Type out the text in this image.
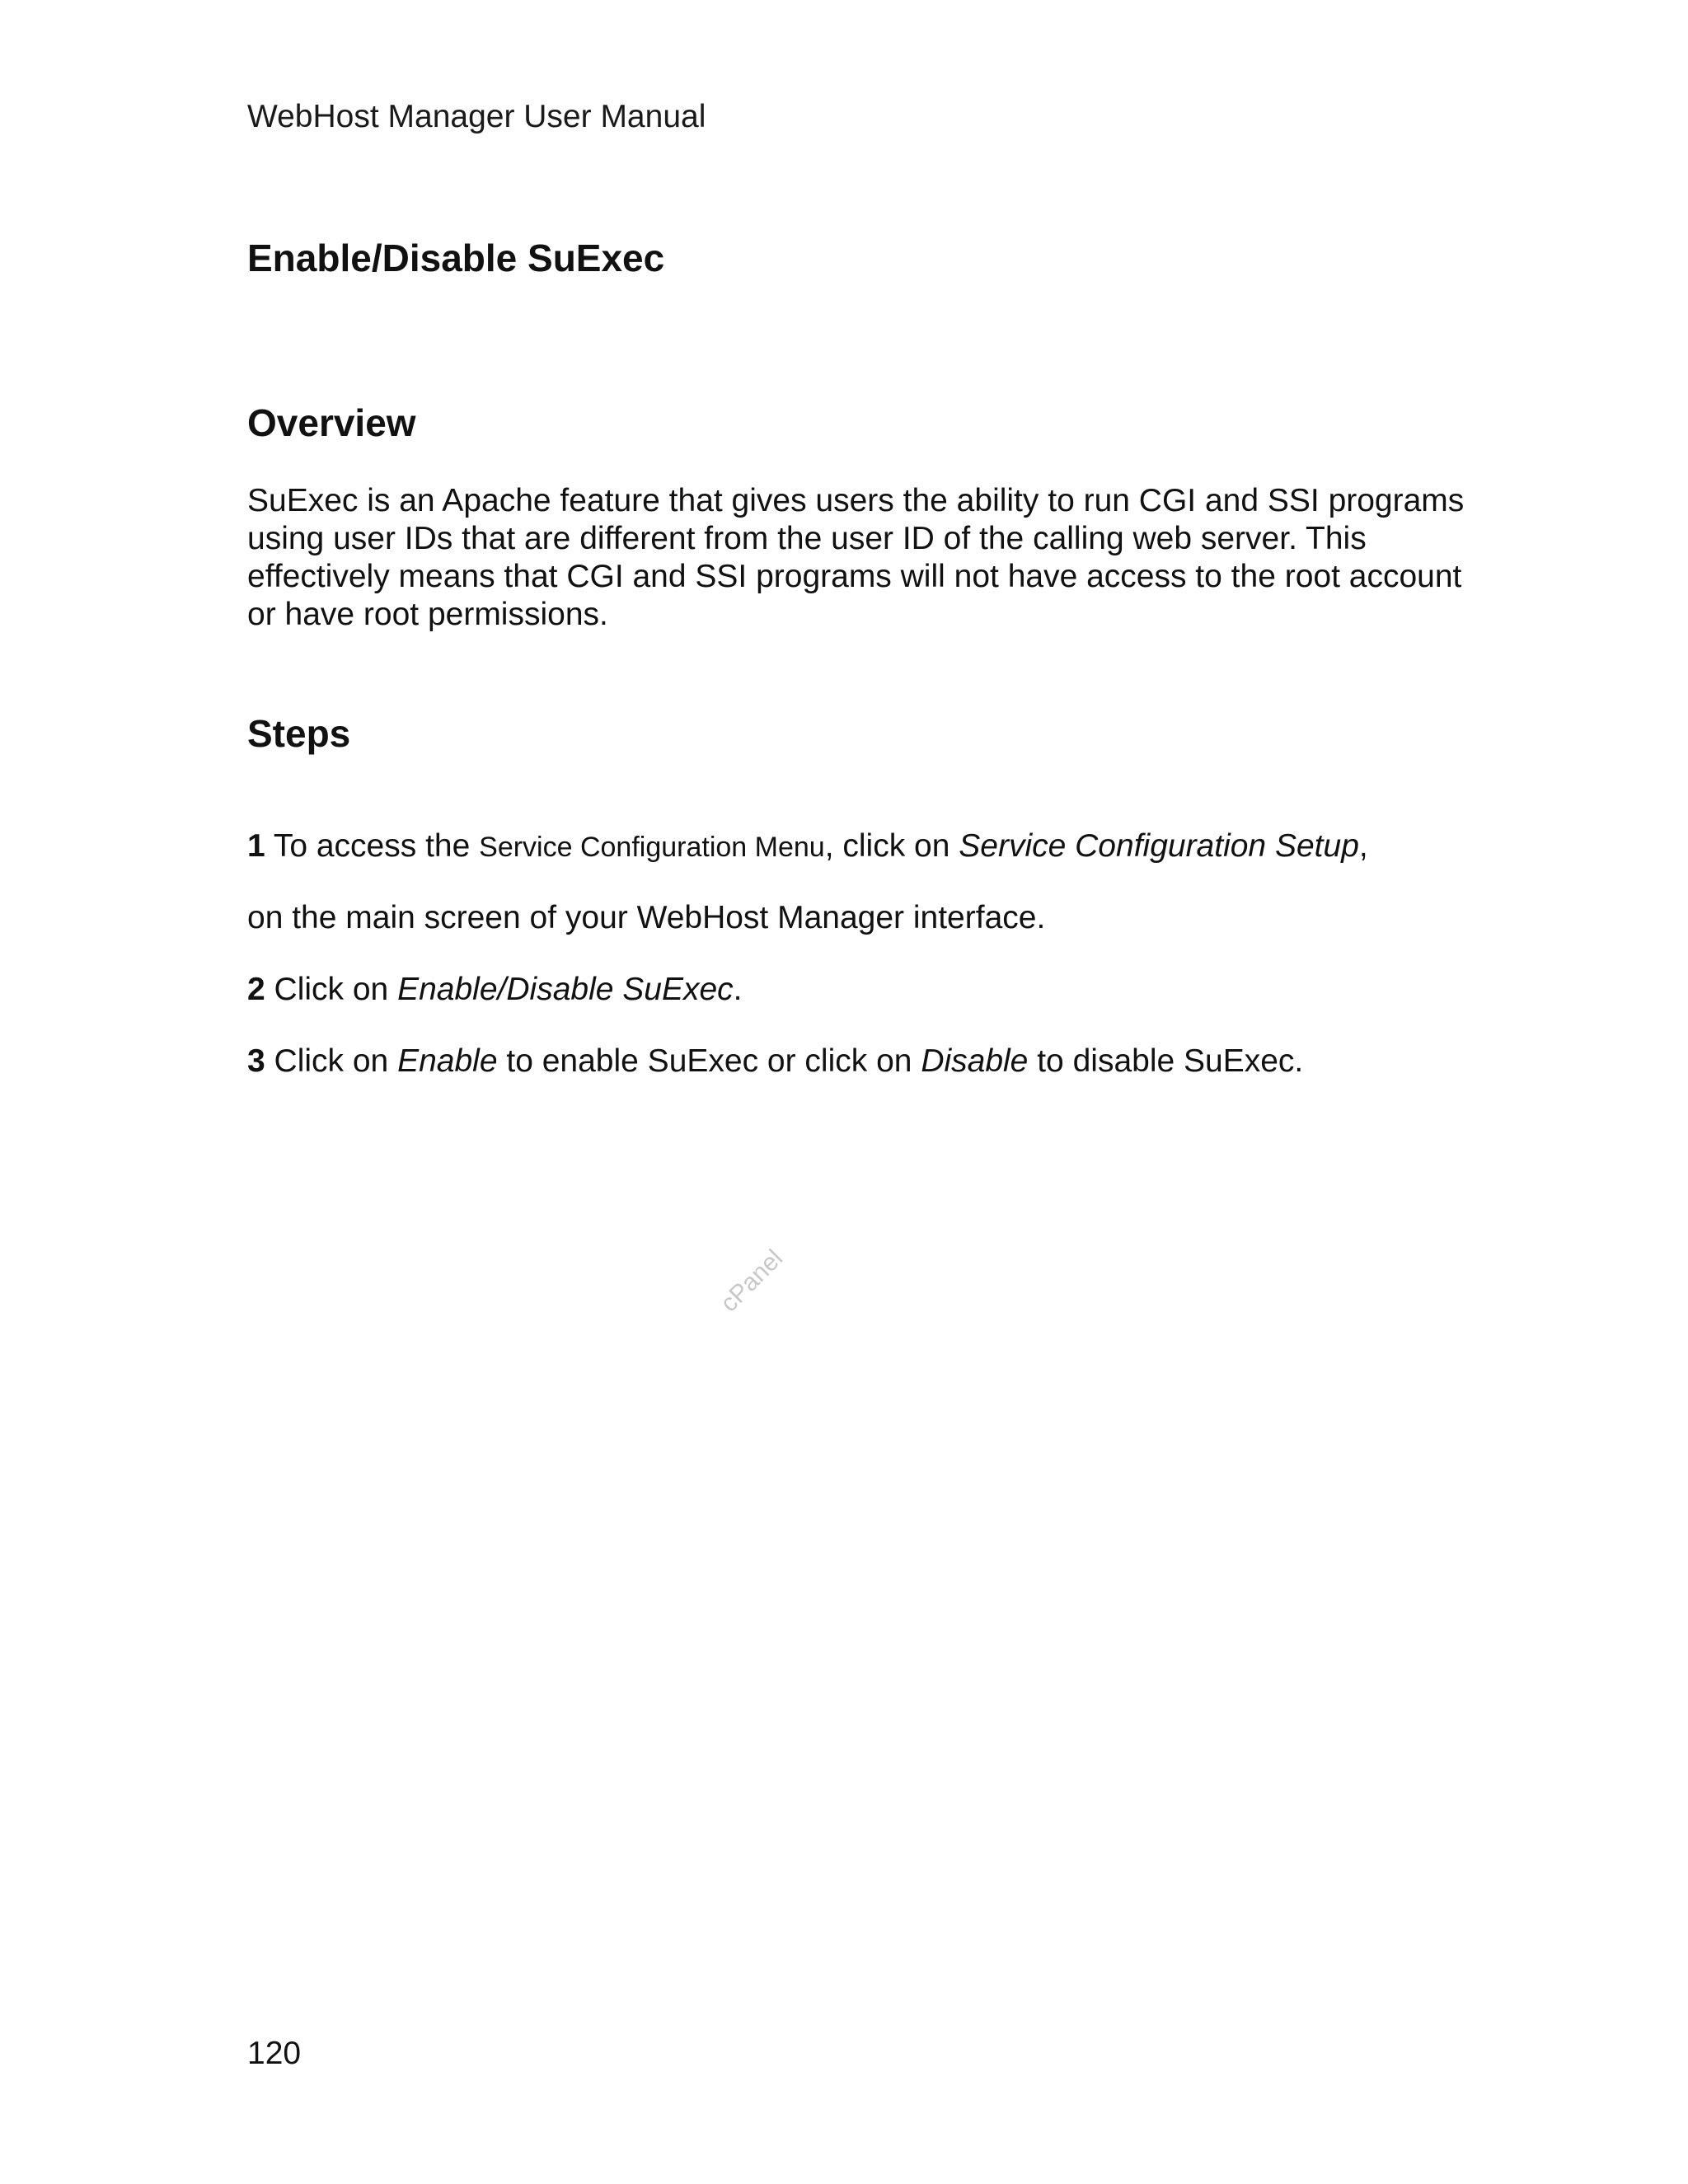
WebHost Manager User Manual
Enable/Disable SuExec
Overview

SuExec is an Apache feature that gives users the ability to run CGI and SSI programs using user IDs that are different from the user ID of the calling web server. This effectively means that CGI and SSI programs will not have access to the root account or have root permissions.

Steps

1 To access the Service Configuration Menu, click on Service Configuration Setup,

on the main screen of your WebHost Manager interface.

2 Click on Enable/Disable SuExec.

3 Click on Enable to enable SuExec or click on Disable to disable SuExec.

cPanel
120
